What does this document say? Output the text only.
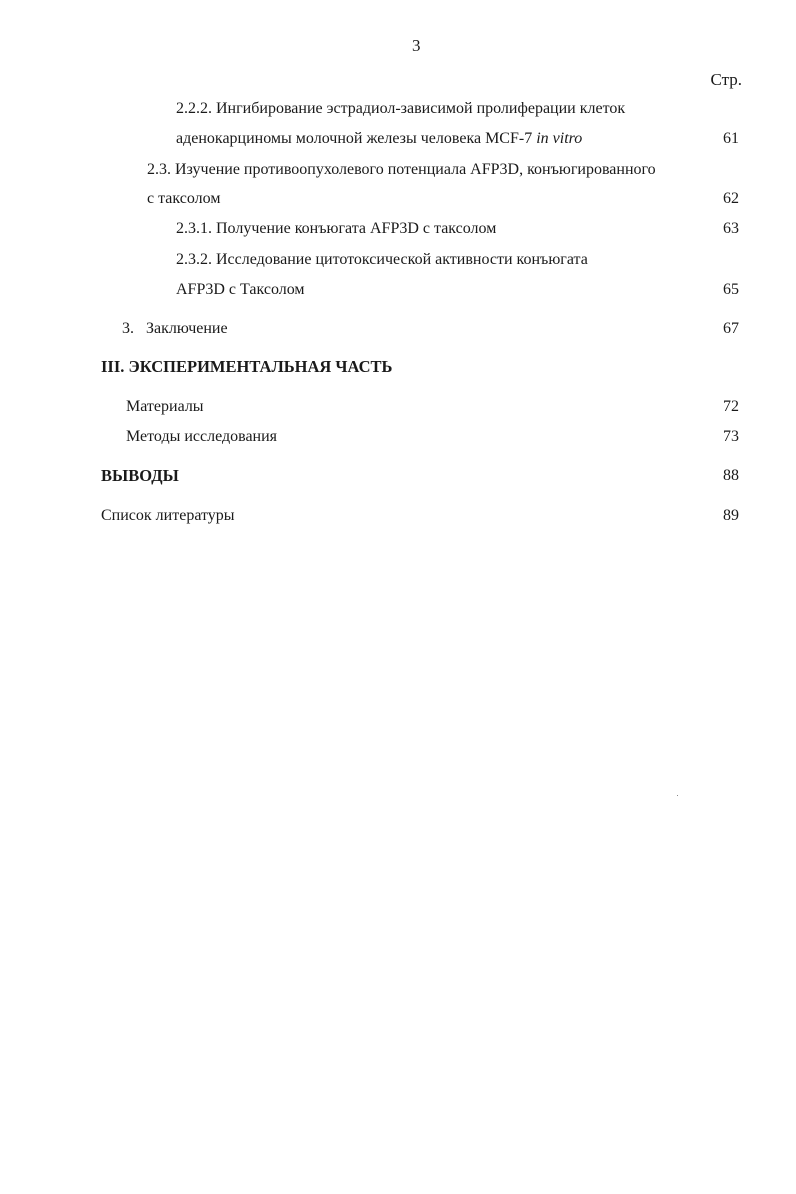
3
Стр.
2.2.2. Ингибирование эстрадиол-зависимой пролиферации клеток
аденокарциномы молочной железы человека MCF-7 in vitro	61
2.3. Изучение противоопухолевого потенциала AFP3D, конъюгированного
с таксолом	62
2.3.1. Получение конъюгата AFP3D с таксолом	63
2.3.2. Исследование цитотоксической активности конъюгата
AFP3D с Таксолом	65
3. Заключение	67
III. ЭКСПЕРИМЕНТАЛЬНАЯ ЧАСТЬ
Материалы	72
Методы исследования	73
ВЫВОДЫ	88
Список литературы	89
